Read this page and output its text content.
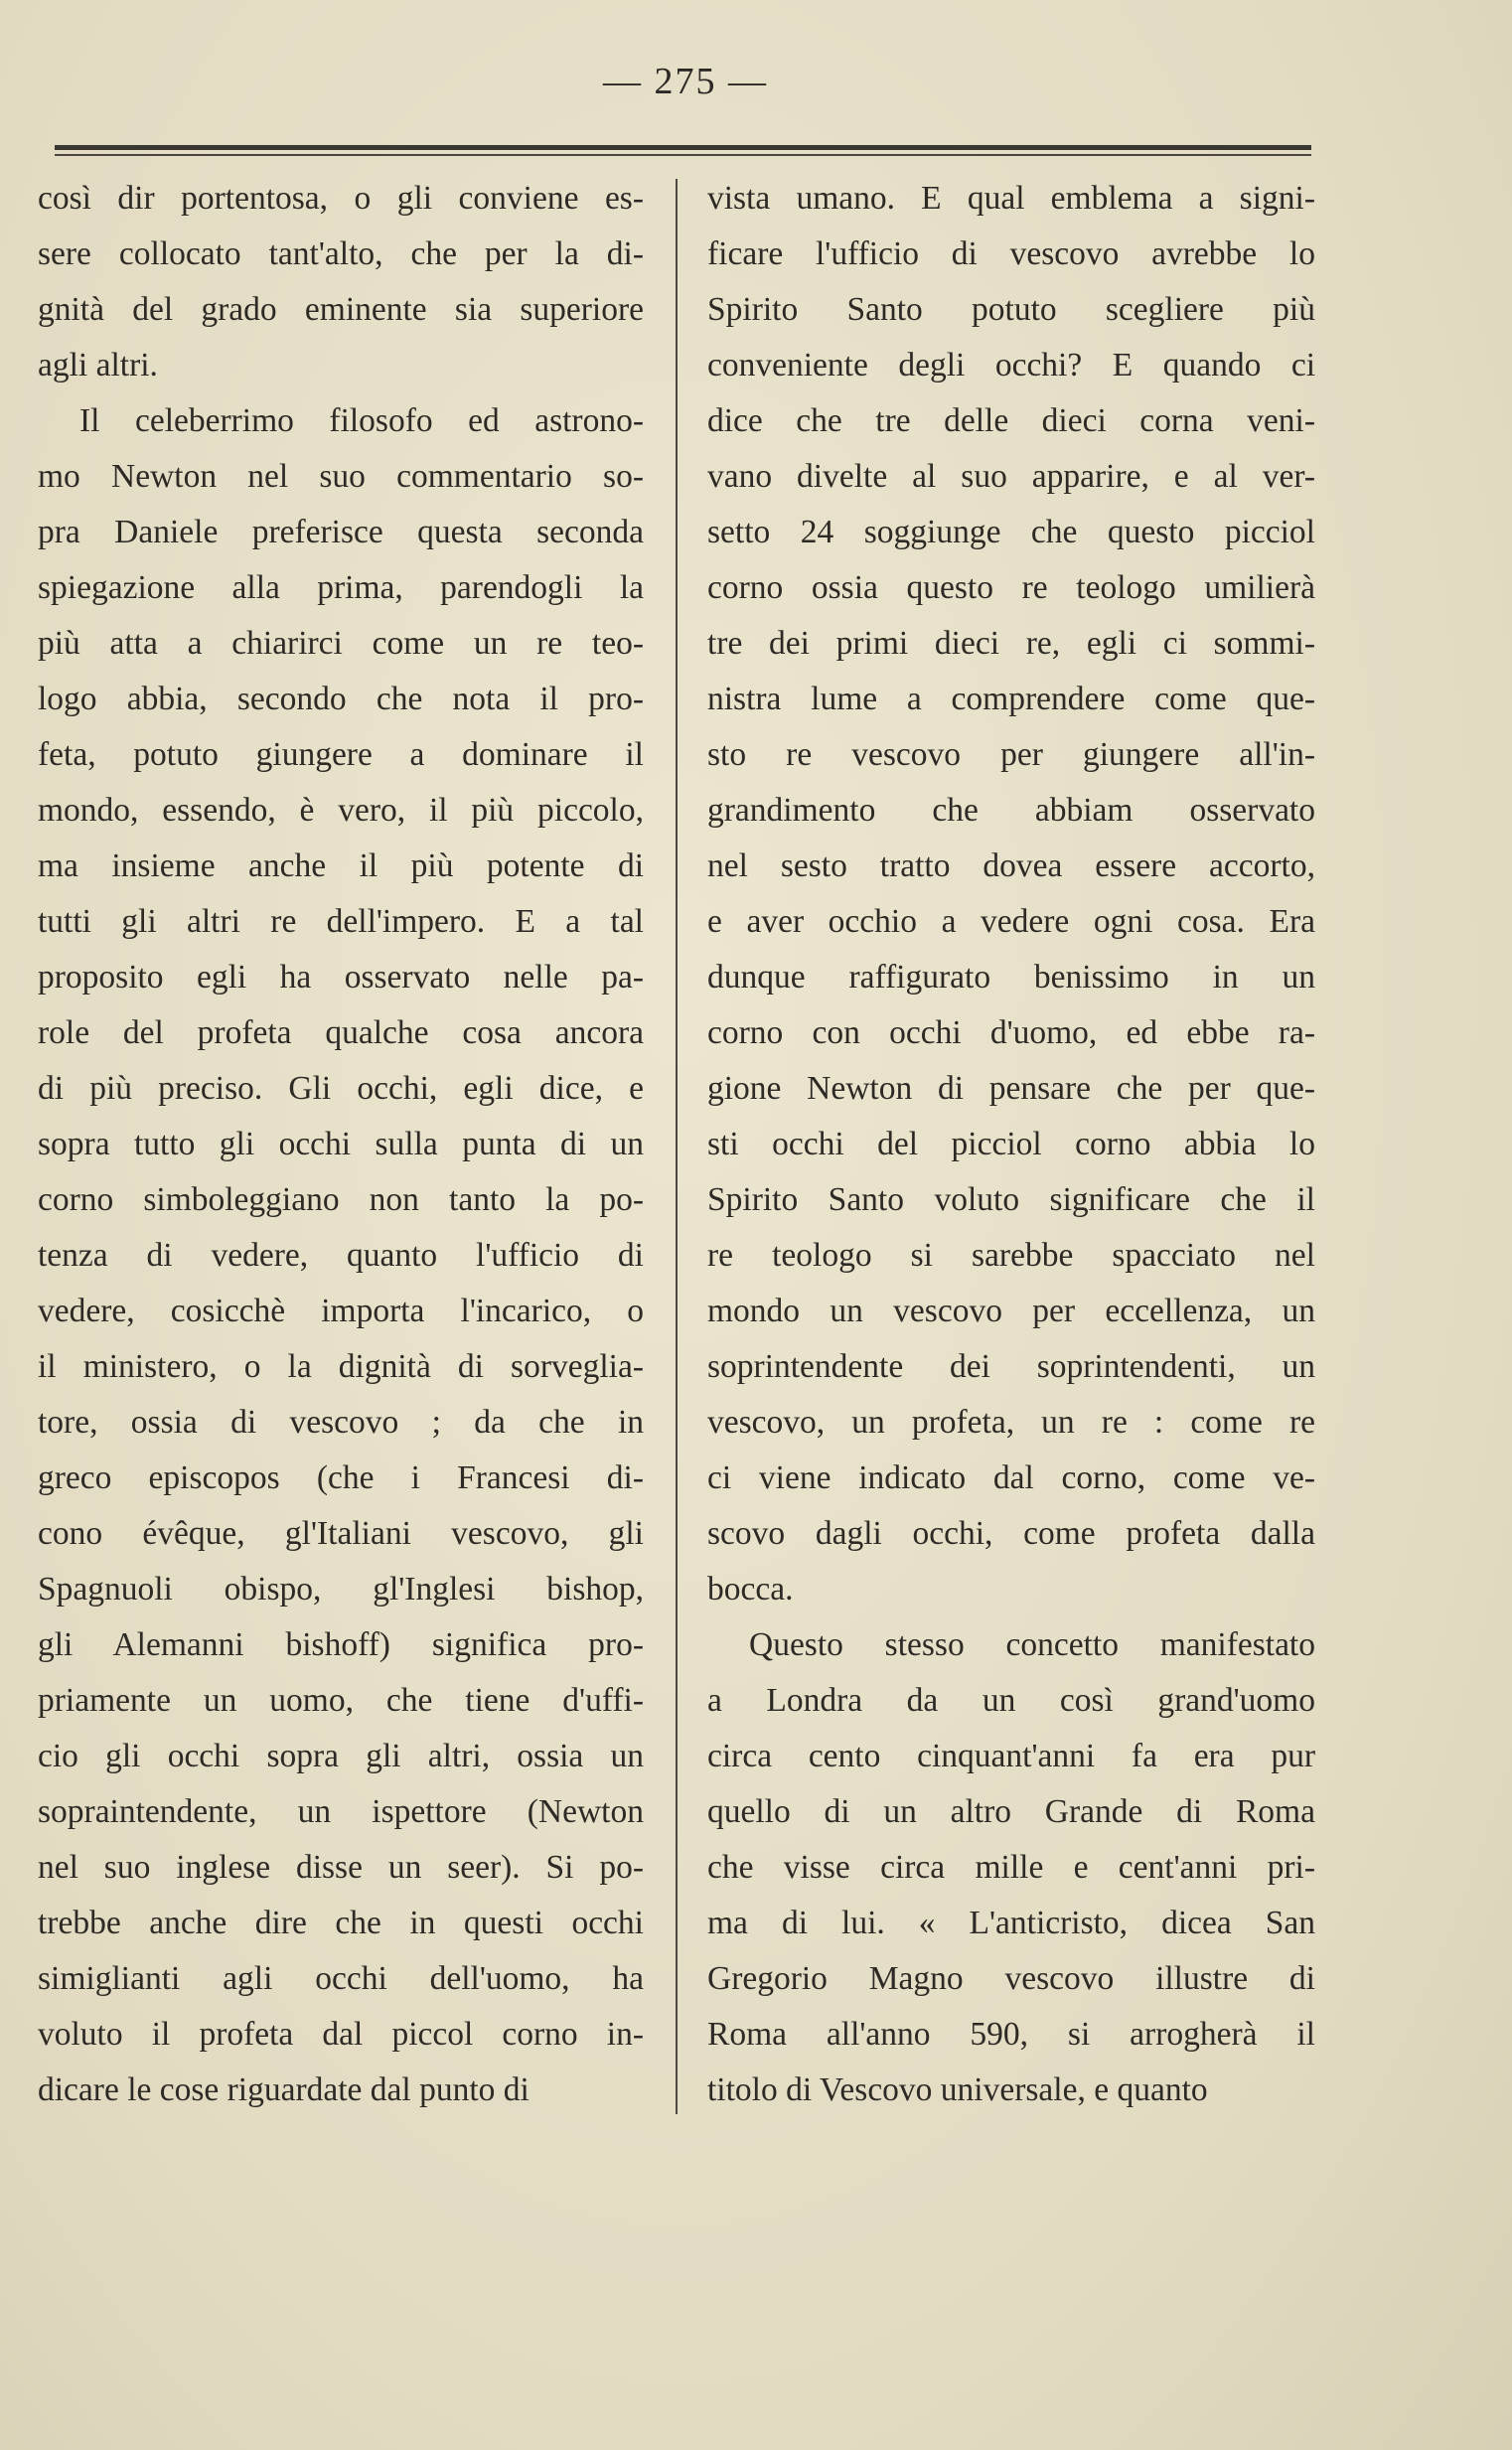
— 275 —
così dir portentosa, o gli conviene es-
sere collocato tant'alto, che per la di-
gnità del grado eminente sia superiore
agli altri.
Il celeberrimo filosofo ed astrono-
mo Newton nel suo commentario so-
pra Daniele preferisce questa seconda
spiegazione alla prima, parendogli la
più atta a chiarirci come un re teo-
logo abbia, secondo che nota il pro-
feta, potuto giungere a dominare il
mondo, essendo, è vero, il più piccolo,
ma insieme anche il più potente di
tutti gli altri re dell'impero. E a tal
proposito egli ha osservato nelle pa-
role del profeta qualche cosa ancora
di più preciso. Gli occhi, egli dice, e
sopra tutto gli occhi sulla punta di un
corno simboleggiano non tanto la po-
tenza di vedere, quanto l'ufficio di
vedere, cosicchè importa l'incarico, o
il ministero, o la dignità di sorveglia-
tore, ossia di vescovo ; da che in
greco episcopos (che i Francesi di-
cono évêque, gl'Italiani vescovo, gli
Spagnuoli obispo, gl'Inglesi bishop,
gli Alemanni bishoff) significa pro-
priamente un uomo, che tiene d'uffi-
cio gli occhi sopra gli altri, ossia un
sopraintendente, un ispettore (Newton
nel suo inglese disse un seer). Si po-
trebbe anche dire che in questi occhi
simiglianti agli occhi dell'uomo, ha
voluto il profeta dal piccol corno in-
dicare le cose riguardate dal punto di
vista umano. E qual emblema a signi-
ficare l'ufficio di vescovo avrebbe lo
Spirito Santo potuto scegliere più
conveniente degli occhi? E quando ci
dice che tre delle dieci corna veni-
vano divelte al suo apparire, e al ver-
setto 24 soggiunge che questo picciol
corno ossia questo re teologo umilierà
tre dei primi dieci re, egli ci sommi-
nistra lume a comprendere come que-
sto re vescovo per giungere all'in-
grandimento che abbiam osservato
nel sesto tratto dovea essere accorto,
e aver occhio a vedere ogni cosa. Era
dunque raffigurato benissimo in un
corno con occhi d'uomo, ed ebbe ra-
gione Newton di pensare che per que-
sti occhi del picciol corno abbia lo
Spirito Santo voluto significare che il
re teologo si sarebbe spacciato nel
mondo un vescovo per eccellenza, un
soprintendente dei soprintendenti, un
vescovo, un profeta, un re : come re
ci viene indicato dal corno, come ve-
scovo dagli occhi, come profeta dalla
bocca.
Questo stesso concetto manifestato
a Londra da un così grand'uomo
circa cento cinquant'anni fa era pur
quello di un altro Grande di Roma
che visse circa mille e cent'anni pri-
ma di lui. « L'anticristo, dicea San
Gregorio Magno vescovo illustre di
Roma all'anno 590, si arrogherà il
titolo di Vescovo universale, e quanto
